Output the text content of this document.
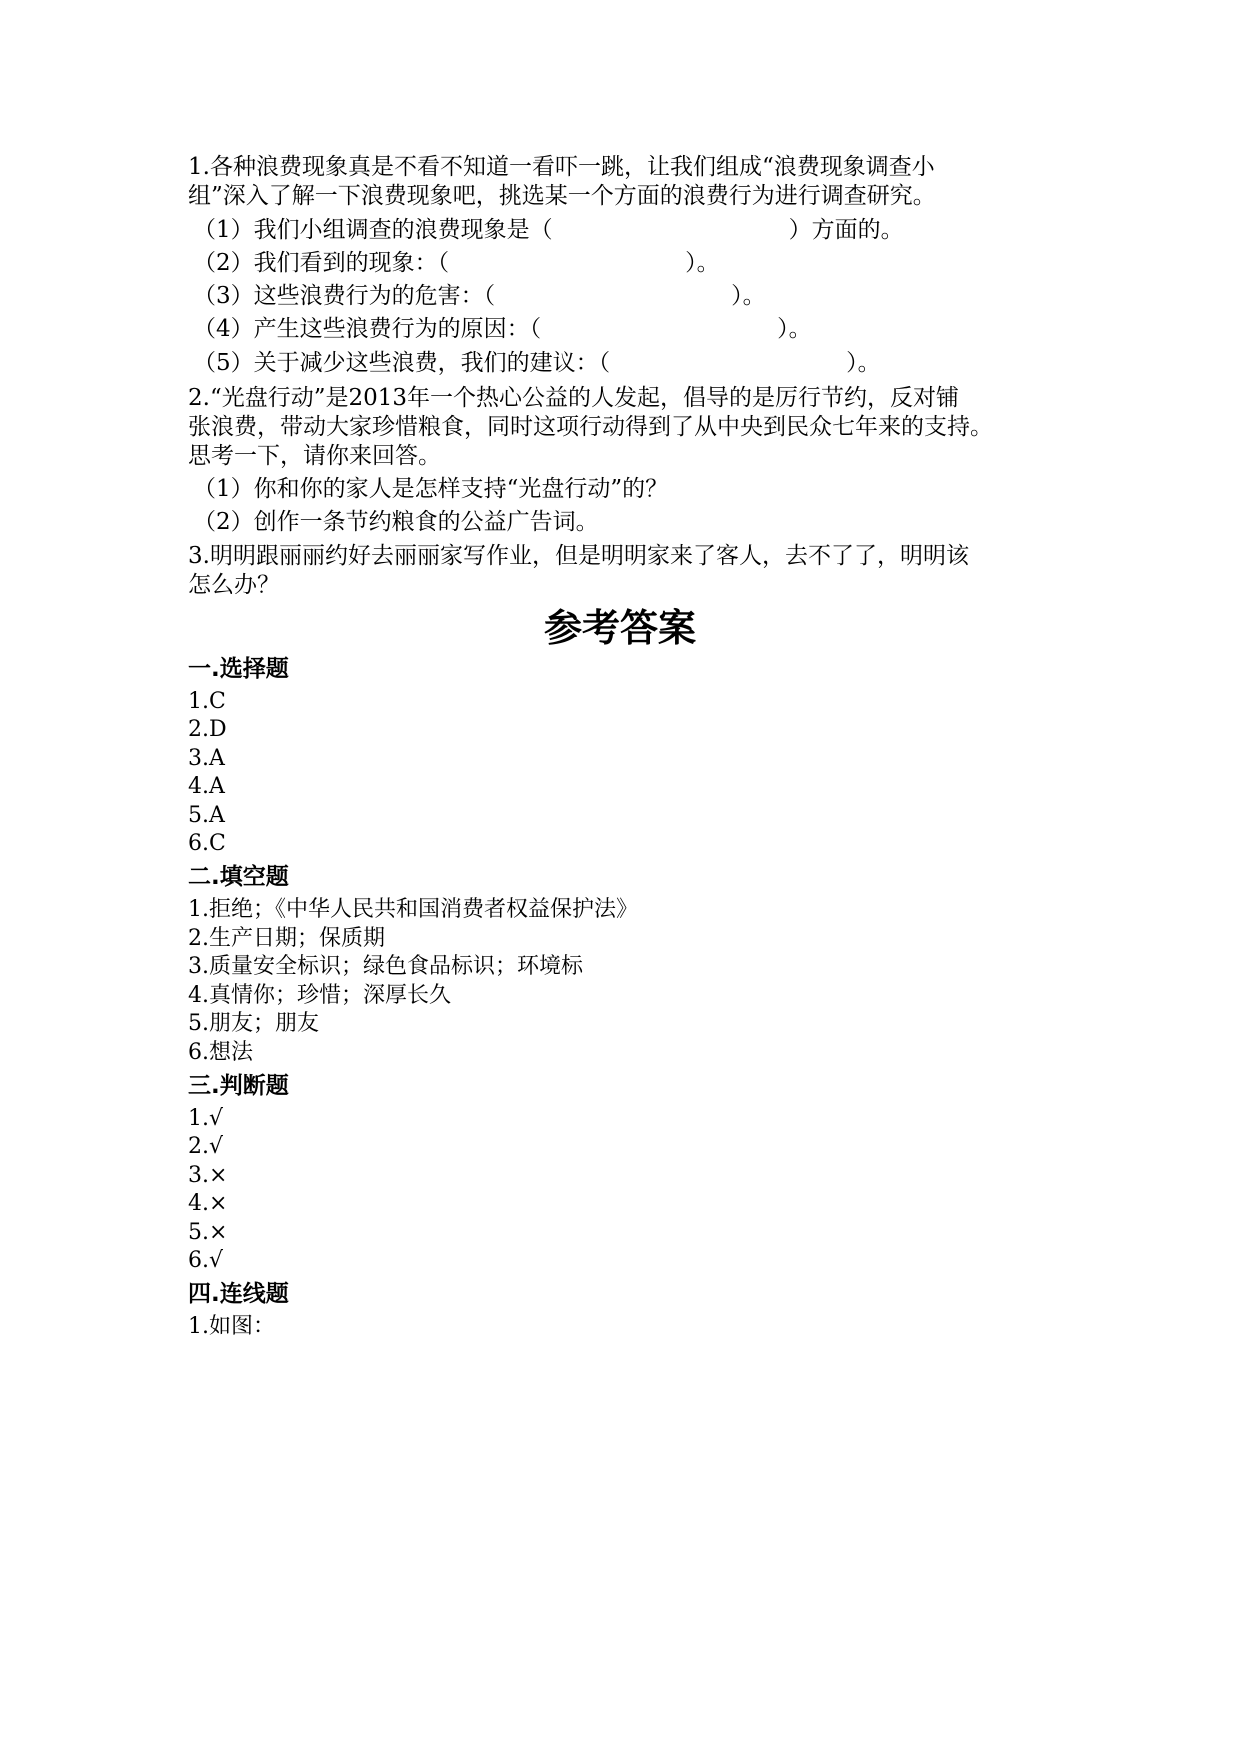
1.各种浪费现象真是不看不知道一看吓一跳，让我们组成“浪费现象调查小
组”深入了解一下浪费现象吧，挑选某一个方面的浪费行为进行调查研究。
（1）我们小组调查的浪费现象是（	）方面的。
（2）我们看到的现象：（	）。
（3）这些浪费行为的危害：（	）。
（4）产生这些浪费行为的原因：（	）。
（5）关于减少这些浪费，我们的建议：（	）。
2.“光盘行动”是2013年一个热心公益的人发起，倡导的是厉行节约，反对铺
张浪费，带动大家珍惜粮食，同时这项行动得到了从中央到民众七年来的支持。
思考一下，请你来回答。
（1）你和你的家人是怎样支持“光盘行动”的？
（2）创作一条节约粮食的公益广告词。
3.明明跟丽丽约好去丽丽家写作业，但是明明家来了客人，去不了了，明明该
怎么办？
参考答案
一.选择题
1.C
2.D
3.A
4.A
5.A
6.C
二.填空题
1.拒绝；《中华人民共和国消费者权益保护法》
2.生产日期；保质期
3.质量安全标识；绿色食品标识；环境标
4.真情你；珍惜；深厚长久
5.朋友；朋友
6.想法
三.判断题
1.√
2.√
3.×
4.×
5.×
6.√
四.连线题
1.如图：
